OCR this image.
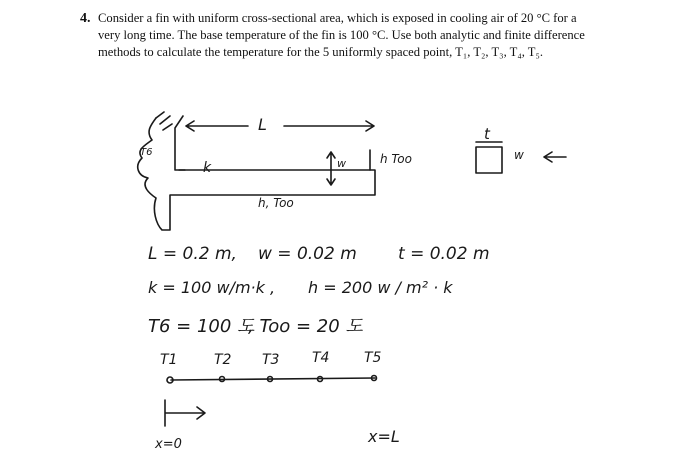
4. Consider a fin with uniform cross-sectional area, which is exposed in cooling air of 20 °C for a very long time. The base temperature of the fin is 100 °C. Use both analytic and finite difference methods to calculate the temperature for the 5 uniformly spaced point, T₁, T₂, T₃, T₄, T₅.
L	t
T6
k	w	h Too
h, Too
w
L = 0.2 m, w = 0.02 m t = 0.02 m
k = 100 w/m·k , h = 200 w / m² · k
T6 = 100 도
, Too = 20 도
T1	T2 T3 T4 T5
x=0	x=L
